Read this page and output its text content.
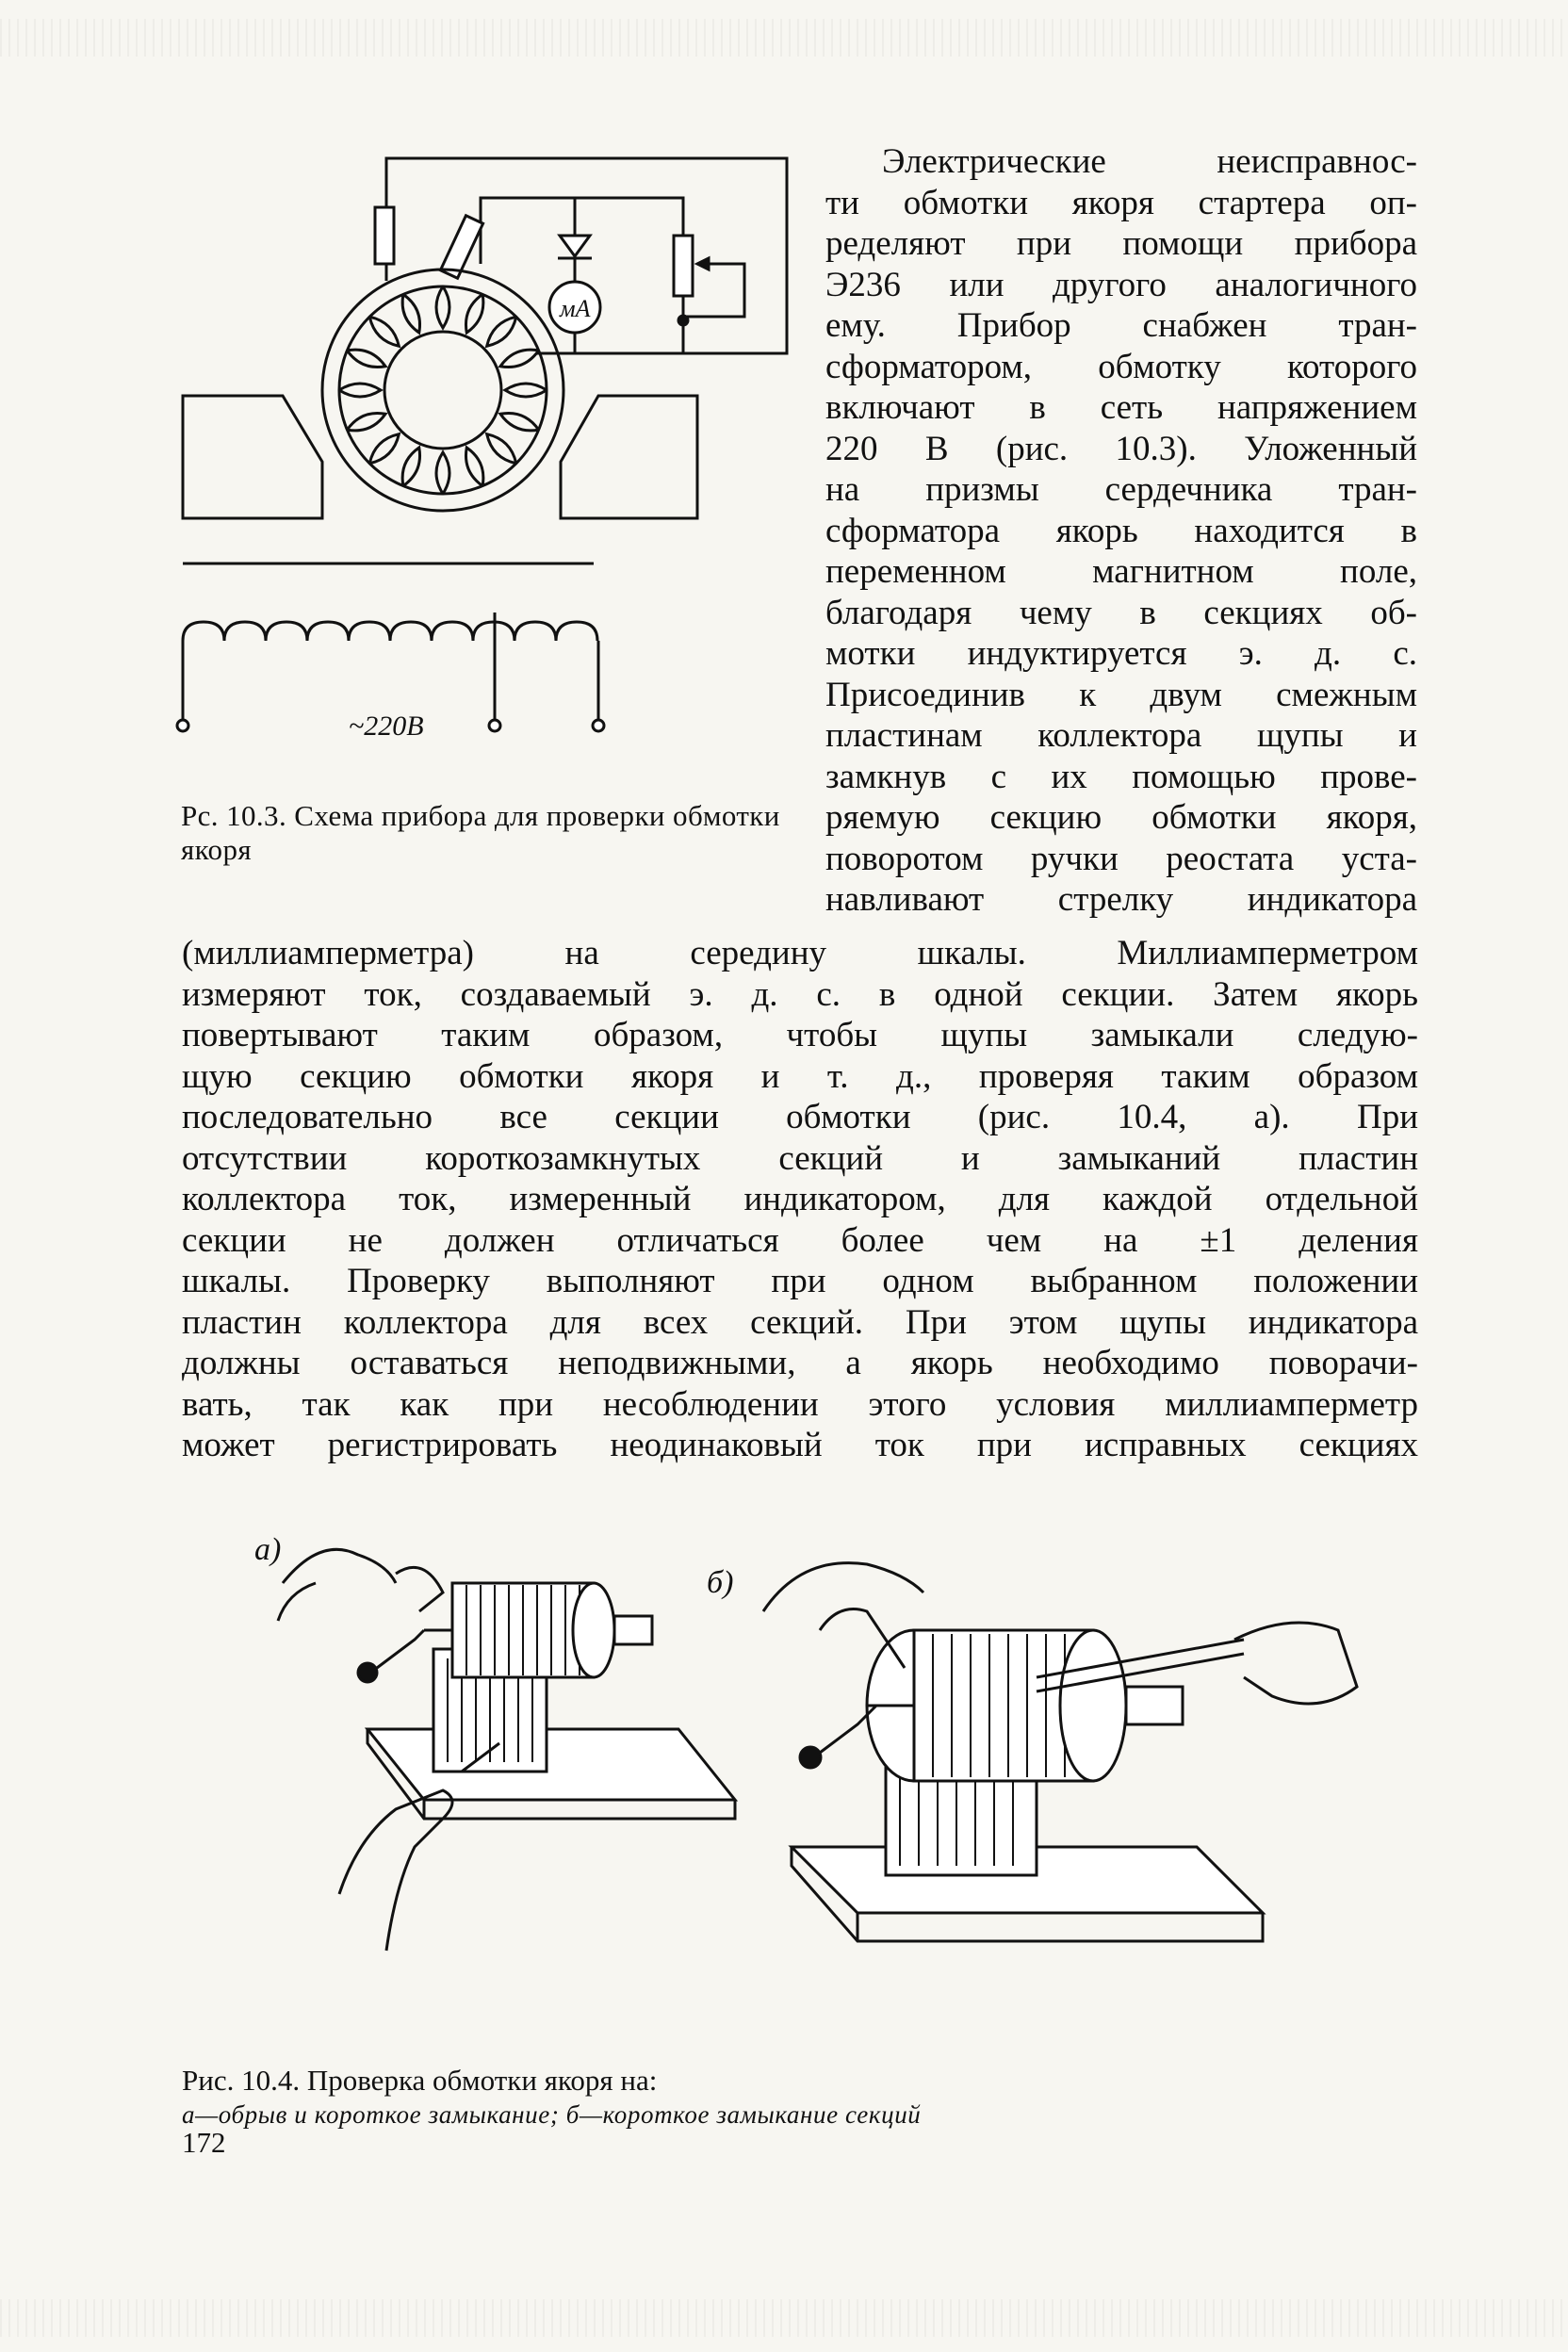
мА
~220В
Рс. 10.3. Схема прибора для проверки обмотки якоря
Электрические неисправнос-
ти обмотки якоря стартера оп-
ределяют при помощи прибора
Э236 или другого аналогичного
ему. Прибор снабжен тран-
сформатором, обмотку которого
включают в сеть напряжением
220 В (рис. 10.3). Уложенный
на призмы сердечника тран-
сформатора якорь находится в
переменном магнитном поле,
благодаря чему в секциях об-
мотки индуктируется э. д. с.
Присоединив к двум смежным
пластинам коллектора щупы и
замкнув с их помощью прове-
ряемую секцию обмотки якоря,
поворотом ручки реостата уста-
навливают стрелку индикатора
(миллиамперметра) на середину шкалы. Миллиамперметром
измеряют ток, создаваемый э. д. с. в одной секции. Затем якорь
повертывают таким образом, чтобы щупы замыкали следую-
щую секцию обмотки якоря и т. д., проверяя таким образом
последовательно все секции обмотки (рис. 10.4, а). При
отсутствии короткозамкнутых секций и замыканий пластин
коллектора ток, измеренный индикатором, для каждой отдельной
секции не должен отличаться более чем на ±1 деления
шкалы. Проверку выполняют при одном выбранном положении
пластин коллектора для всех секций. При этом щупы индикатора
должны оставаться неподвижными, а якорь необходимо поворачи-
вать, так как при несоблюдении этого условия миллиамперметр
может регистрировать неодинаковый ток при исправных секциях
а)
б)
Рис. 10.4. Проверка обмотки якоря на:
а—обрыв и короткое замыкание; б—короткое замыкание секций
172
